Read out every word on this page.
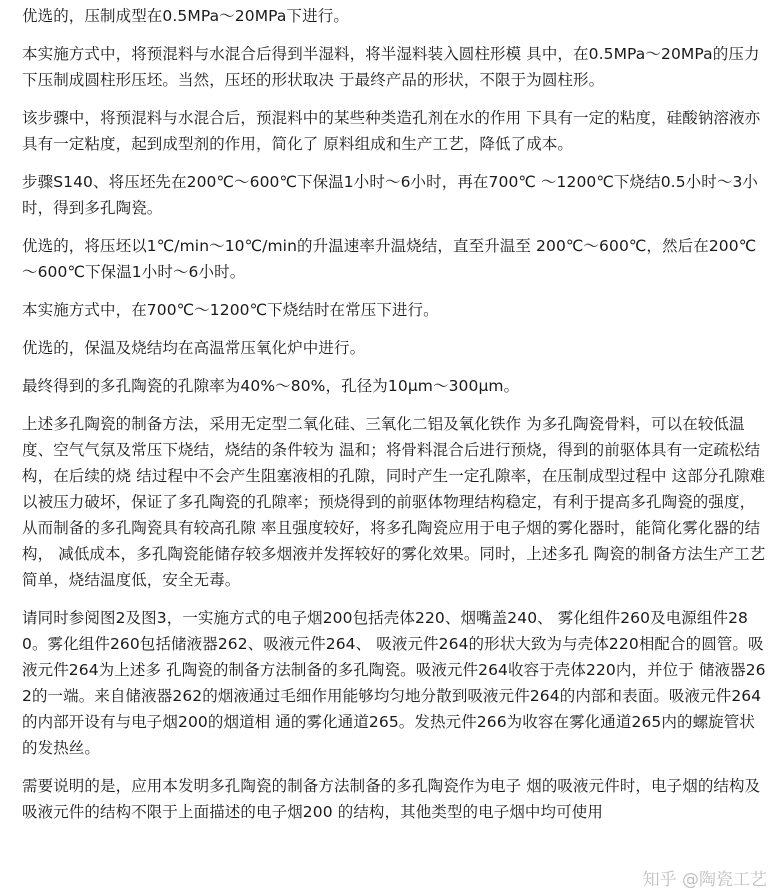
优选的，压制成型在0.5MPa～20MPa下进行。

本实施方式中，将预混料与水混合后得到半湿料，将半湿料装入圆柱形模 具中，在0.5MPa～20MPa的压力下压制成圆柱形压坯。当然，压坯的形状取决 于最终产品的形状，不限于为圆柱形。

该步骤中，将预混料与水混合后，预混料中的某些种类造孔剂在水的作用 下具有一定的粘度，硅酸钠溶液亦具有一定粘度，起到成型剂的作用，简化了 原料组成和生产工艺，降低了成本。

步骤S140、将压坯先在200℃～600℃下保温1小时～6小时，再在700℃ ～1200℃下烧结0.5小时～3小时，得到多孔陶瓷。

优选的，将压坯以1℃/min～10℃/min的升温速率升温烧结，直至升温至 200℃～600℃，然后在200℃～600℃下保温1小时～6小时。

本实施方式中，在700℃～1200℃下烧结时在常压下进行。

优选的，保温及烧结均在高温常压氧化炉中进行。

最终得到的多孔陶瓷的孔隙率为40%～80%，孔径为10μm～300μm。

上述多孔陶瓷的制备方法，采用无定型二氧化硅、三氧化二铝及氧化铁作 为多孔陶瓷骨料，可以在较低温度、空气气氛及常压下烧结，烧结的条件较为 温和；将骨料混合后进行预烧，得到的前驱体具有一定疏松结构，在后续的烧 结过程中不会产生阻塞液相的孔隙，同时产生一定孔隙率，在压制成型过程中 这部分孔隙难以被压力破坏，保证了多孔陶瓷的孔隙率；预烧得到的前驱体物理结构稳定，有利于提高多孔陶瓷的强度，从而制备的多孔陶瓷具有较高孔隙 率且强度较好，将多孔陶瓷应用于电子烟的雾化器时，能简化雾化器的结构， 减低成本，多孔陶瓷能储存较多烟液并发挥较好的雾化效果。同时，上述多孔 陶瓷的制备方法生产工艺简单，烧结温度低，安全无毒。

请同时参阅图2及图3，一实施方式的电子烟200包括壳体220、烟嘴盖240、 雾化组件260及电源组件280。雾化组件260包括储液器262、吸液元件264、 吸液元件264的形状大致为与壳体220相配合的圆管。吸液元件264为上述多 孔陶瓷的制备方法制备的多孔陶瓷。吸液元件264收容于壳体220内，并位于 储液器262的一端。来自储液器262的烟液通过毛细作用能够均匀地分散到吸液元件264的内部和表面。吸液元件264的内部开设有与电子烟200的烟道相 通的雾化通道265。发热元件266为收容在雾化通道265内的螺旋管状的发热丝。

需要说明的是，应用本发明多孔陶瓷的制备方法制备的多孔陶瓷作为电子 烟的吸液元件时，电子烟的结构及吸液元件的结构不限于上面描述的电子烟200 的结构，其他类型的电子烟中均可使用

知乎 @陶瓷工艺
